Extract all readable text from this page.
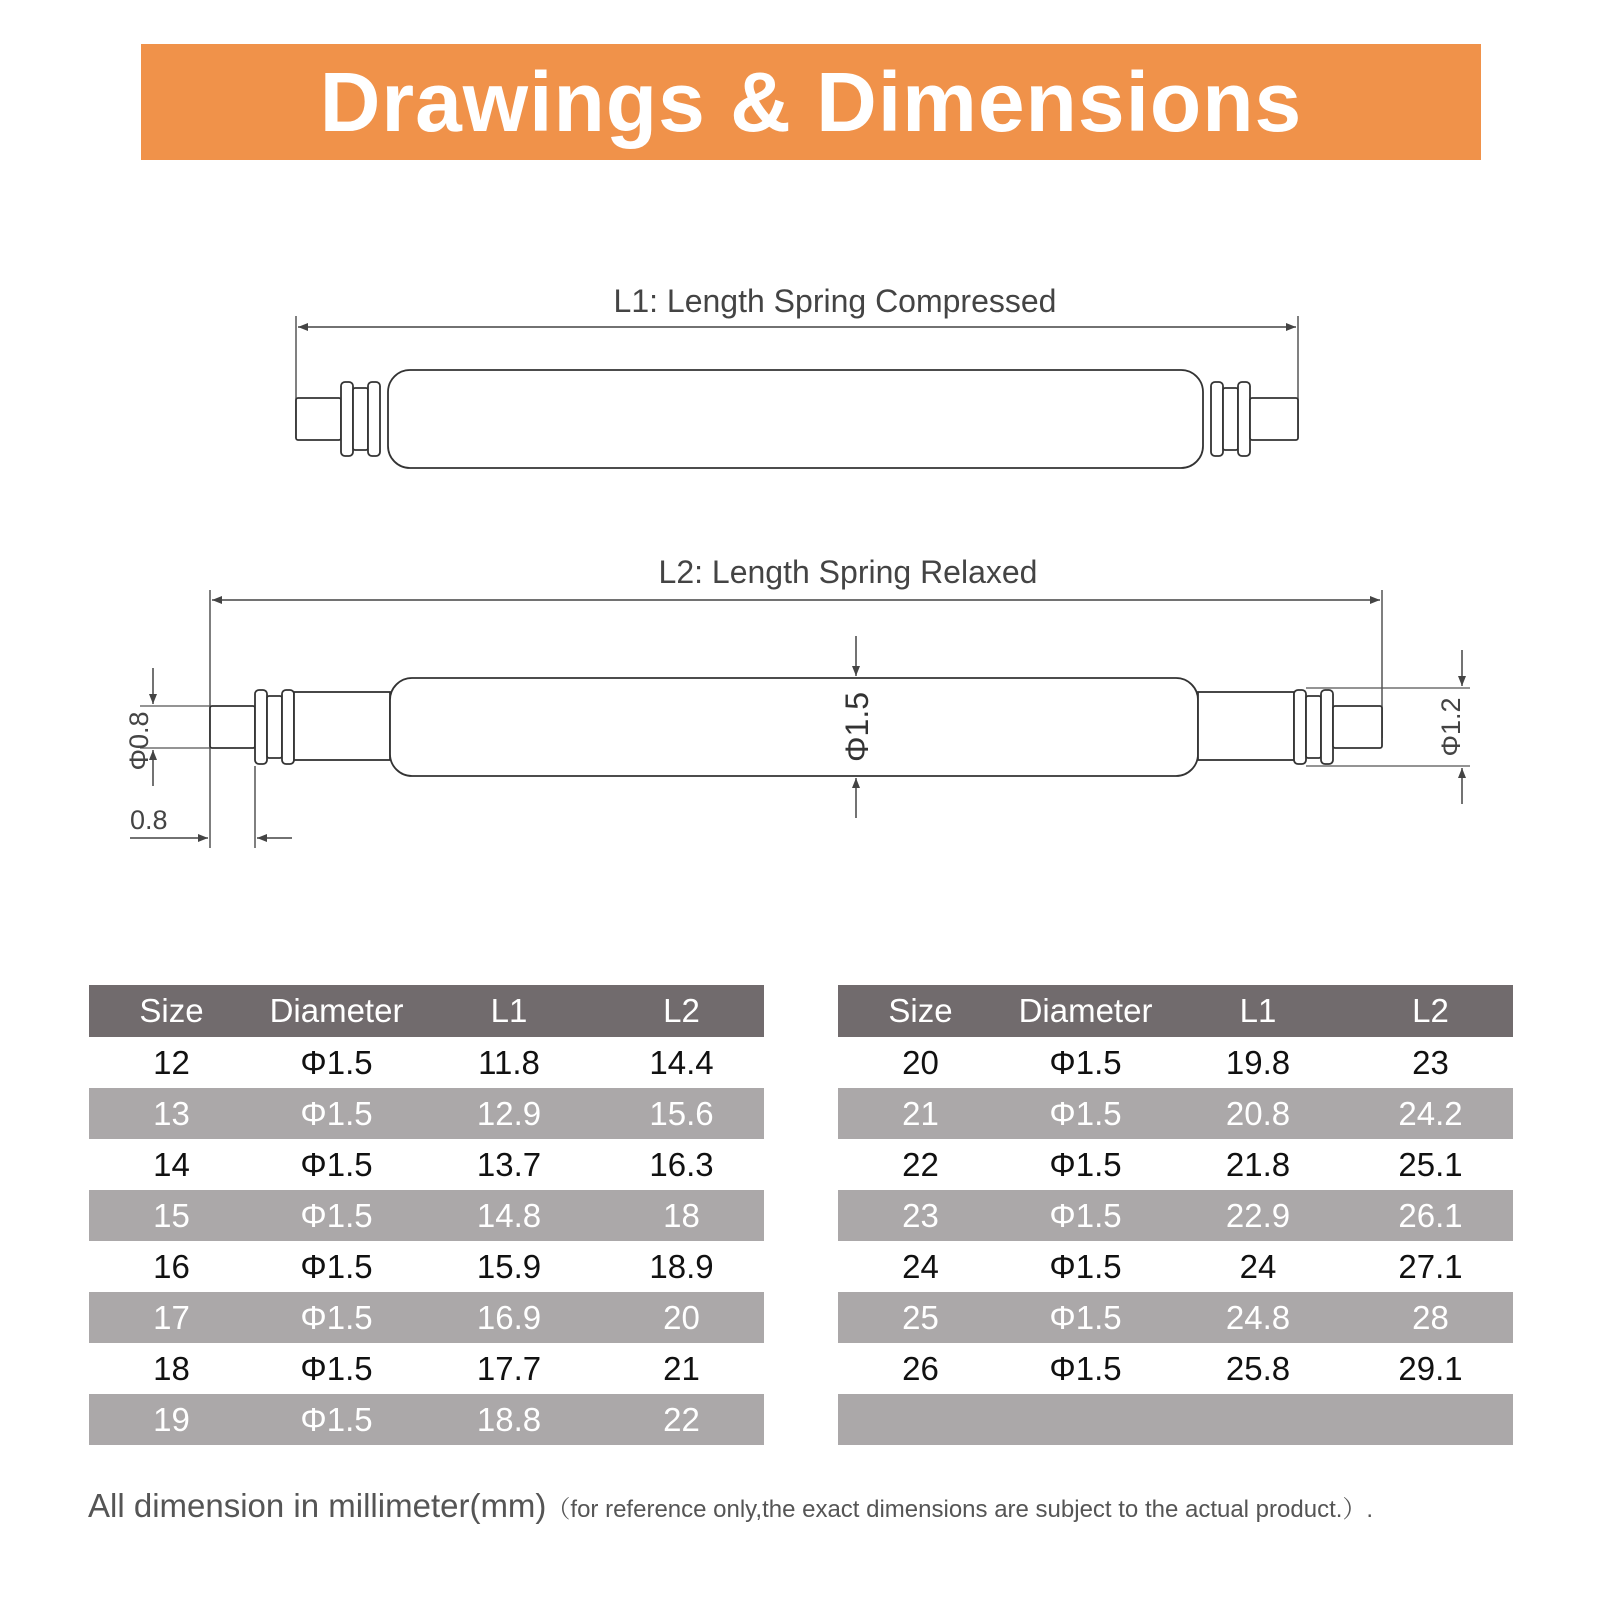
Drawings & Dimensions
L1: Length Spring Compressed
L2: Length Spring Relaxed
Φ1.5
Φ0.8	Φ1.2
0.8
Size	Diameter	L1	L2
12	Φ1.5	11.8	14.4
13	Φ1.5	12.9	15.6
14	Φ1.5	13.7	16.3
15	Φ1.5	14.8	18
16	Φ1.5	15.9	18.9
17	Φ1.5	16.9	20
18	Φ1.5	17.7	21
19	Φ1.5	18.8	22
Size	Diameter	L1	L2
20	Φ1.5	19.8	23
21	Φ1.5	20.8	24.2
22	Φ1.5	21.8	25.1
23	Φ1.5	22.9	26.1
24	Φ1.5	24	27.1
25	Φ1.5	24.8	28
26	Φ1.5	25.8	29.1

All dimension in millimeter(mm)（for reference only,the exact dimensions are subject to the actual product.）.
